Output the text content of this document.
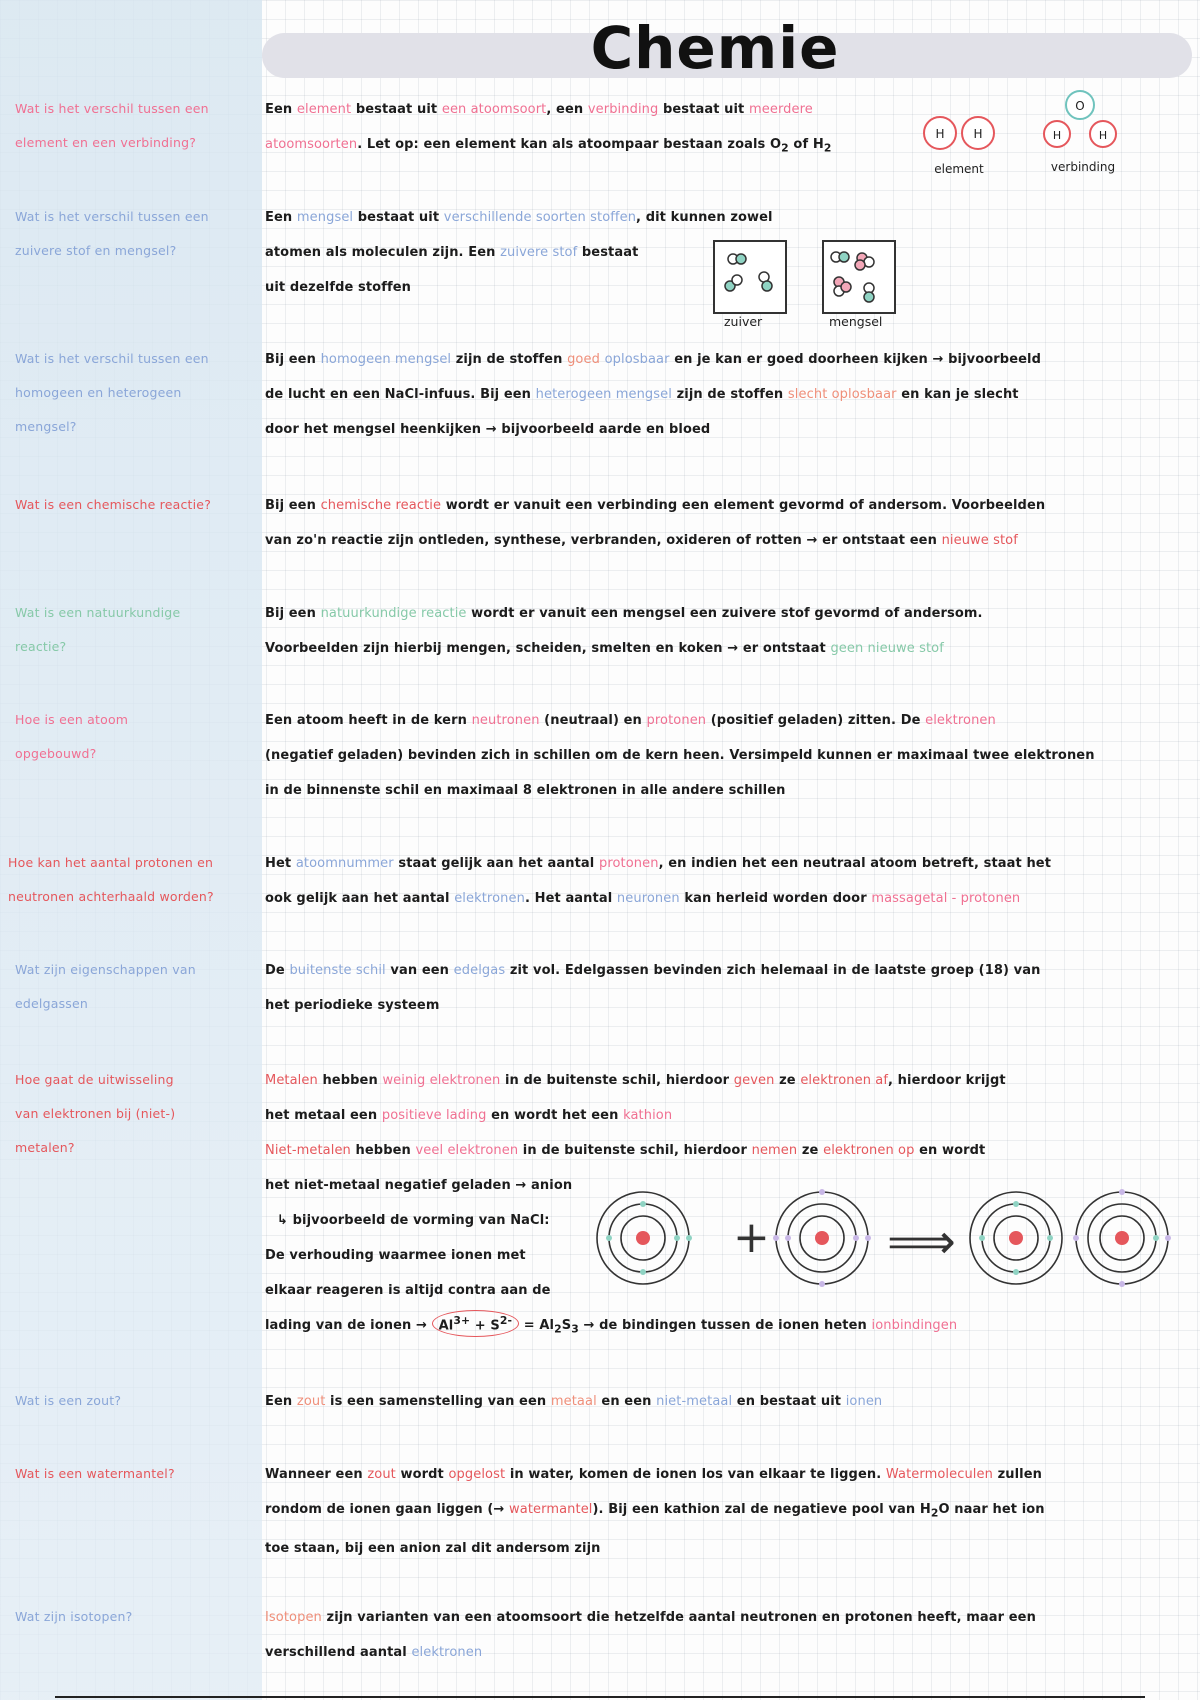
Chemie
Wat is het verschil tussen een
element en een verbinding?
Een element bestaat uit een atoomsoort, een verbinding bestaat uit meerdere
atoomsoorten. Let op: een element kan als atoompaar bestaan zoals $O_2$ of $H_2$
H H
element
O
H	H
verbinding
Wat is het verschil tussen een
zuivere stof en mengsel?
Een mengsel bestaat uit verschillende soorten stoffen, dit kunnen zowel
atomen als moleculen zijn. Een zuivere stof bestaat
uit dezelfde stoffen
zuiver	mengsel
Wat is het verschil tussen een
homogeen en heterogeen
mengsel?
Bij een homogeen mengsel zijn de stoffen goed oplosbaar en je kan er goed doorheen kijken → bijvoorbeeld
de lucht en een NaCl-infuus. Bij een heterogeen mengsel zijn de stoffen slecht oplosbaar en kan je slecht
door het mengsel heenkijken → bijvoorbeeld aarde en bloed
Wat is een chemische reactie?	Bij een chemische reactie wordt er vanuit een verbinding een element gevormd of andersom. Voorbeelden
van zo'n reactie zijn ontleden, synthese, verbranden, oxideren of rotten → er ontstaat een nieuwe stof
Wat is een natuurkundige
reactie?
Bij een natuurkundige reactie wordt er vanuit een mengsel een zuivere stof gevormd of andersom.
Voorbeelden zijn hierbij mengen, scheiden, smelten en koken → er ontstaat geen nieuwe stof
Hoe is een atoom
opgebouwd?
Een atoom heeft in de kern neutronen (neutraal) en protonen (positief geladen) zitten. De elektronen
(negatief geladen) bevinden zich in schillen om de kern heen. Versimpeld kunnen er maximaal twee elektronen
in de binnenste schil en maximaal 8 elektronen in alle andere schillen
Hoe kan het aantal protonen en
neutronen achterhaald worden?
Het atoomnummer staat gelijk aan het aantal protonen, en indien het een neutraal atoom betreft, staat het
ook gelijk aan het aantal elektronen. Het aantal neuronen kan herleid worden door massagetal - protonen
Wat zijn eigenschappen van
edelgassen
De buitenste schil van een edelgas zit vol. Edelgassen bevinden zich helemaal in de laatste groep (18) van
het periodieke systeem
Hoe gaat de uitwisseling
van elektronen bij (niet-)
metalen?
Metalen hebben weinig elektronen in de buitenste schil, hierdoor geven ze elektronen af, hierdoor krijgt
het metaal een positieve lading en wordt het een kathion
Niet-metalen hebben veel elektronen in de buitenste schil, hierdoor nemen ze elektronen op en wordt
het niet-metaal negatief geladen → anion
↳ bijvoorbeeld de vorming van NaCl:
De verhouding waarmee ionen met
elkaar reageren is altijd contra aan de
lading van de ionen → $Al^{3+} + S^{2-} = Al_2S_3$ → de bindingen tussen de ionen heten ionbindingen
+ ⟹
Wat is een zout?	Een zout is een samenstelling van een metaal en een niet-metaal en bestaat uit ionen
Wat is een watermantel?	Wanneer een zout wordt opgelost in water, komen de ionen los van elkaar te liggen. Watermoleculen zullen
rondom de ionen gaan liggen (→ watermantel). Bij een kathion zal de negatieve pool van $H_2O$ naar het ion
toe staan, bij een anion zal dit andersom zijn
Wat zijn isotopen?	Isotopen zijn varianten van een atoomsoort die hetzelfde aantal neutronen en protonen heeft, maar een
verschillend aantal elektronen
